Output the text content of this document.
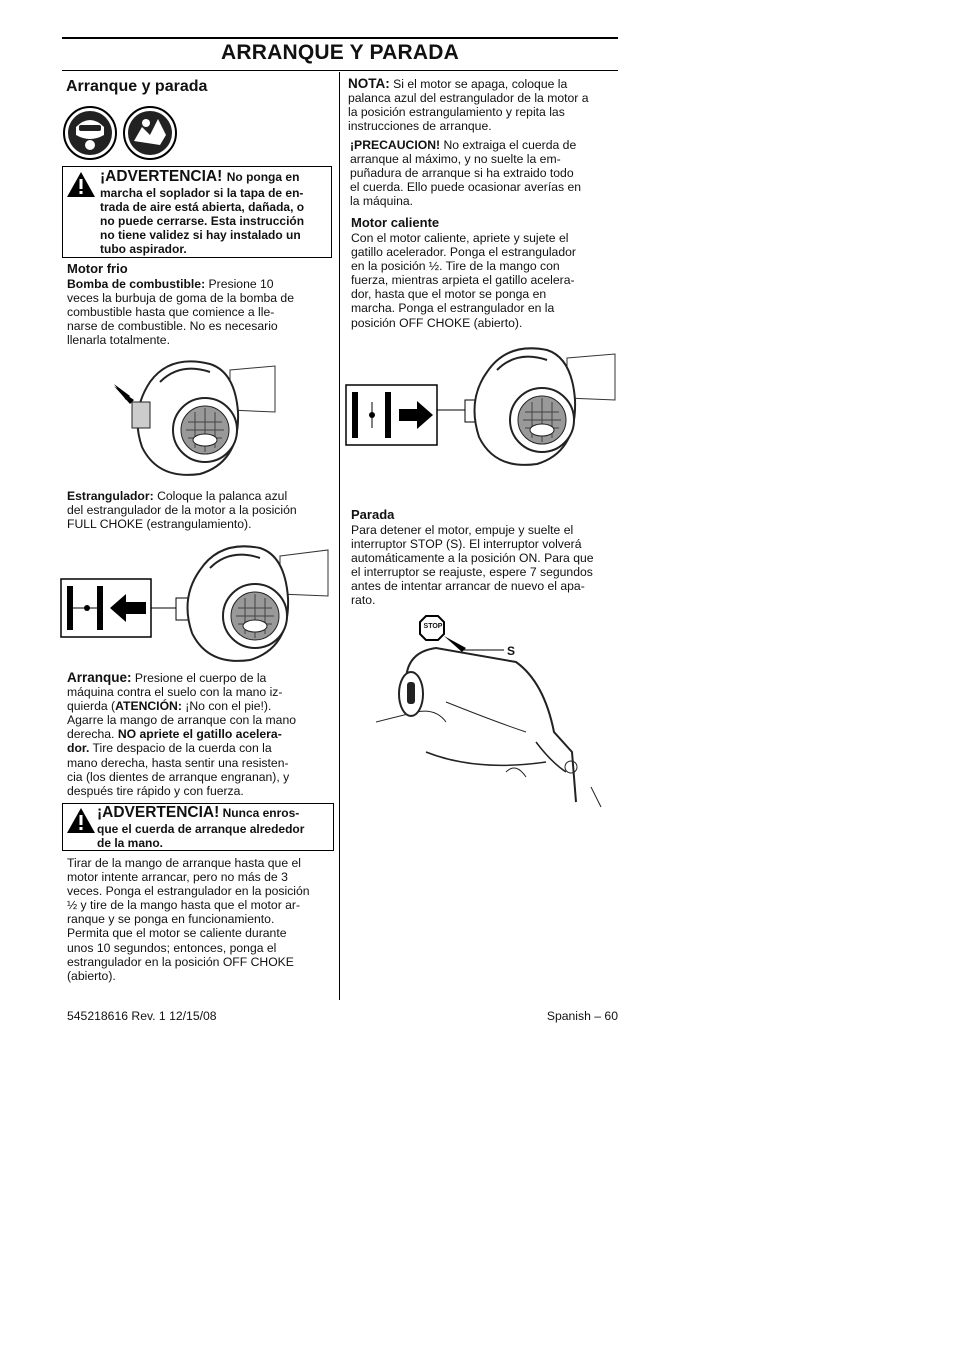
ARRANQUE Y PARADA
Arranque y parada
¡ADVERTENCIA! No ponga en
marcha el soplador si la tapa de en-
trada de aire está abierta, dañada, o
no puede cerrarse. Esta instrucción
no tiene validez si hay instalado un
tubo aspirador.
Motor frio
Bomba de combustible: Presione 10
veces la burbuja de goma de la bomba de
combustible hasta que comience a lle-
narse de combustible. No es necesario
llenarla totalmente.
Estrangulador: Coloque la palanca azul
del estrangulador de la motor a la posición
FULL CHOKE (estrangulamiento).
Arranque: Presione el cuerpo de la
máquina contra el suelo con la mano iz-
quierda (ATENCIÓN: ¡No con el pie!).
Agarre la mango de arranque con la mano
derecha. NO apriete el gatillo acelera-
dor. Tire despacio de la cuerda con la
mano derecha, hasta sentir una resisten-
cia (los dientes de arranque engranan), y
después tire rápido y con fuerza.
¡ADVERTENCIA! Nunca enros-
que el cuerda de arranque alrededor
de la mano.
Tirar de la mango de arranque hasta que el
motor intente arrancar, pero no más de 3
veces. Ponga el estrangulador en la posición
½ y tire de la mango hasta que el motor ar-
ranque y se ponga en funcionamiento.
Permita que el motor se caliente durante
unos 10 segundos; entonces, ponga el
estrangulador en la posición OFF CHOKE
(abierto).
NOTA: Si el motor se apaga, coloque la
palanca azul del estrangulador de la motor a
la posición estrangulamiento y repita las
instrucciones de arranque.
¡PRECAUCION! No extraiga el cuerda de
arranque al máximo, y no suelte la em-
puñadura de arranque si ha extraido todo
el cuerda. Ello puede ocasionar averías en
la máquina.
Motor caliente
Con el motor caliente, apriete y sujete el
gatillo acelerador. Ponga el estrangulador
en la posición ½. Tire de la mango con
fuerza, mientras arpieta el gatillo acelera-
dor, hasta que el motor se ponga en
marcha. Ponga el estrangulador en la
posición OFF CHOKE (abierto).
Parada
Para detener el motor, empuje y suelte el
interruptor STOP (S). El interruptor volverá
automáticamente a la posición ON. Para que
el interruptor se reajuste, espere 7 segundos
antes de intentar arrancar de nuevo el apa-
rato.
STOP
S
545218616 Rev. 1 12/15/08	Spanish – 60
